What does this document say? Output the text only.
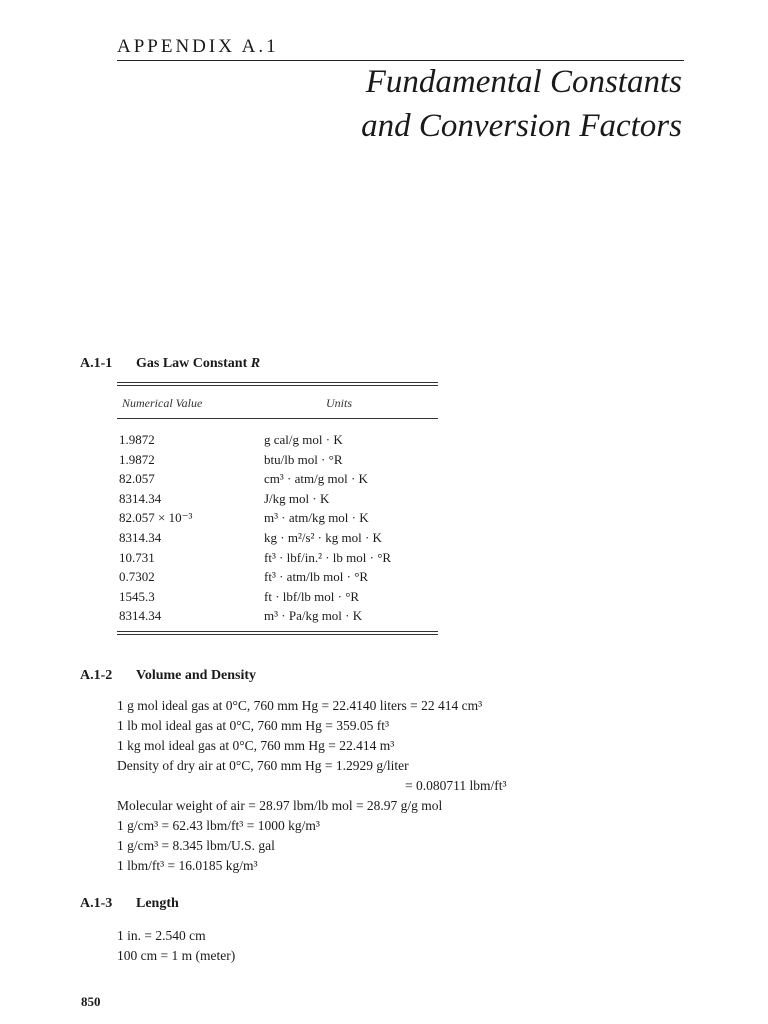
APPENDIX A.1
Fundamental Constants
and Conversion Factors
A.1-1 Gas Law Constant R
Numerical Value	Units
1.9872	g cal/g mol · K
1.9872	btu/lb mol · °R
82.057	cm³ · atm/g mol · K
8314.34	J/kg mol · K
82.057 × 10⁻³	m³ · atm/kg mol · K
8314.34	kg · m²/s² · kg mol · K
10.731	ft³ · lbf/in.² · lb mol · °R
0.7302	ft³ · atm/lb mol · °R
1545.3	ft · lbf/lb mol · °R
8314.34	m³ · Pa/kg mol · K
A.1-2 Volume and Density
1 g mol ideal gas at 0°C, 760 mm Hg = 22.4140 liters = 22 414 cm³
1 lb mol ideal gas at 0°C, 760 mm Hg = 359.05 ft³
1 kg mol ideal gas at 0°C, 760 mm Hg = 22.414 m³
Density of dry air at 0°C, 760 mm Hg = 1.2929 g/liter
= 0.080711 lbm/ft³
Molecular weight of air = 28.97 lbm/lb mol = 28.97 g/g mol
1 g/cm³ = 62.43 lbm/ft³ = 1000 kg/m³
1 g/cm³ = 8.345 lbm/U.S. gal
1 lbm/ft³ = 16.0185 kg/m³
A.1-3 Length
1 in. = 2.540 cm
100 cm = 1 m (meter)
850
